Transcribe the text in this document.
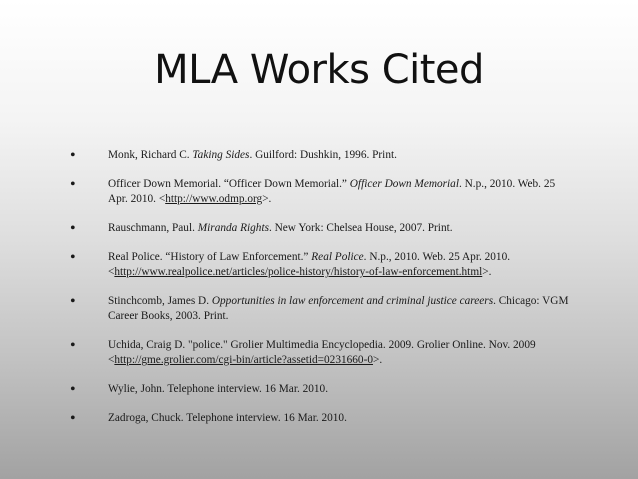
MLA Works Cited
•	Monk, Richard C. Taking Sides. Guilford: Dushkin, 1996. Print.
•	Officer Down Memorial. “Officer Down Memorial.” Officer Down Memorial. N.p., 2010. Web. 25 Apr. 2010. <http://www.odmp.org>.
•	Rauschmann, Paul. Miranda Rights. New York: Chelsea House, 2007. Print.
•	Real Police. “History of Law Enforcement.” Real Police. N.p., 2010. Web. 25 Apr. 2010. <http://www.realpolice.net/articles/police-history/history-of-law-enforcement.html>.
•	Stinchcomb, James D. Opportunities in law enforcement and criminal justice careers. Chicago: VGM Career Books, 2003. Print.
•	Uchida, Craig D. "police." Grolier Multimedia Encyclopedia. 2009. Grolier Online. Nov. 2009 <http://gme.grolier.com/cgi-bin/article?assetid=0231660-0>.
•	Wylie, John. Telephone interview. 16 Mar. 2010.
•	Zadroga, Chuck. Telephone interview. 16 Mar. 2010.
